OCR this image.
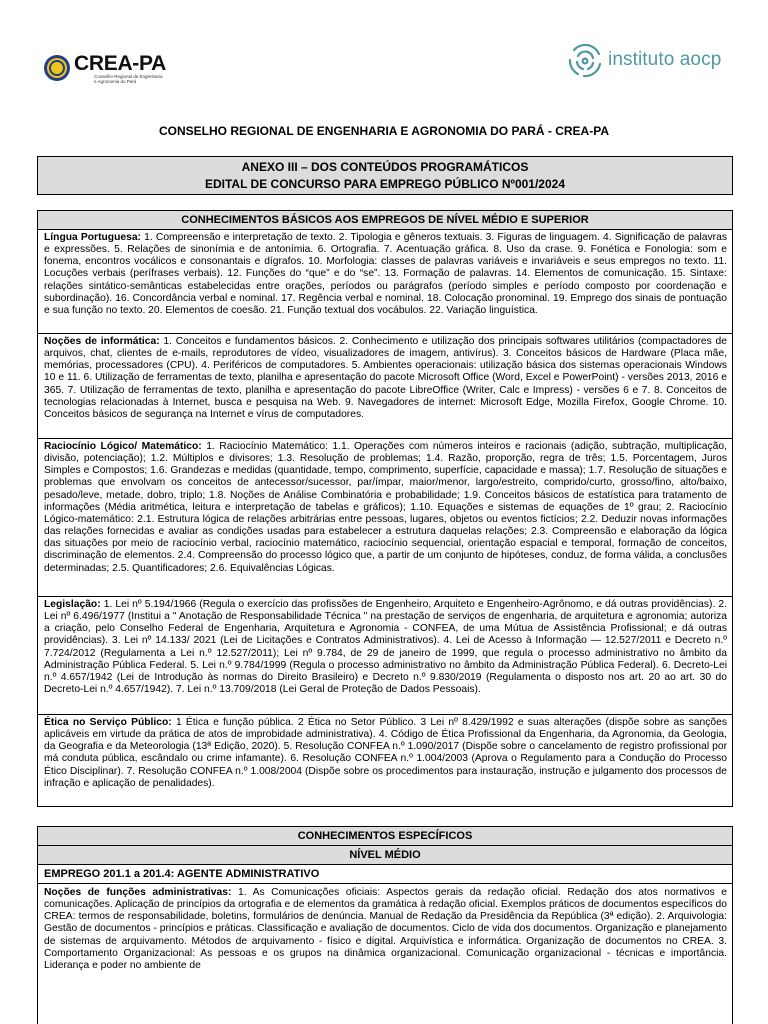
CREA-PA
Conselho Regional de Engenharia e Agronomia do Pará
instituto aocp
CONSELHO REGIONAL DE ENGENHARIA E AGRONOMIA DO PARÁ - CREA-PA
ANEXO III – DOS CONTEÚDOS PROGRAMÁTICOS
EDITAL DE CONCURSO PARA EMPREGO PÚBLICO Nº001/2024
CONHECIMENTOS BÁSICOS AOS EMPREGOS DE NÍVEL MÉDIO E SUPERIOR
Língua Portuguesa: 1. Compreensão e interpretação de texto. 2. Tipologia e gêneros textuais. 3. Figuras de linguagem. 4. Significação de palavras e expressões. 5. Relações de sinonímia e de antonímia. 6. Ortografia. 7. Acentuação gráfica. 8. Uso da crase. 9. Fonética e Fonologia: som e fonema, encontros vocálicos e consonantais e dígrafos. 10. Morfologia: classes de palavras variáveis e invariáveis e seus empregos no texto. 11. Locuções verbais (perífrases verbais). 12. Funções do “que” e do “se”. 13. Formação de palavras. 14. Elementos de comunicação. 15. Sintaxe: relações sintático-semânticas estabelecidas entre orações, períodos ou parágrafos (período simples e período composto por coordenação e subordinação). 16. Concordância verbal e nominal. 17. Regência verbal e nominal. 18. Colocação pronominal. 19. Emprego dos sinais de pontuação e sua função no texto. 20. Elementos de coesão. 21. Função textual dos vocábulos. 22. Variação linguística.
Noções de informática: 1. Conceitos e fundamentos básicos. 2. Conhecimento e utilização dos principais softwares utilitários (compactadores de arquivos, chat, clientes de e-mails, reprodutores de vídeo, visualizadores de imagem, antivírus). 3. Conceitos básicos de Hardware (Placa mãe, memórias, processadores (CPU). 4. Periféricos de computadores. 5. Ambientes operacionais: utilização básica dos sistemas operacionais Windows 10 e 11. 6. Utilização de ferramentas de texto, planilha e apresentação do pacote Microsoft Office (Word, Excel e PowerPoint) - versões 2013, 2016 e 365. 7. Utilização de ferramentas de texto, planilha e apresentação do pacote LibreOffice (Writer, Calc e Impress) - versões 6 e 7. 8. Conceitos de tecnologias relacionadas à Internet, busca e pesquisa na Web. 9. Navegadores de internet: Microsoft Edge, Mozilla Firefox, Google Chrome. 10. Conceitos básicos de segurança na Internet e vírus de computadores.
Raciocínio Lógico/ Matemático: 1. Raciocínio Matemático: 1.1. Operações com números inteiros e racionais (adição, subtração, multiplicação, divisão, potenciação); 1.2. Múltiplos e divisores; 1.3. Resolução de problemas; 1.4. Razão, proporção, regra de três; 1.5. Porcentagem, Juros Simples e Compostos; 1.6. Grandezas e medidas (quantidade, tempo, comprimento, superfície, capacidade e massa); 1.7. Resolução de situações e problemas que envolvam os conceitos de antecessor/sucessor, par/ímpar, maior/menor, largo/estreito, comprido/curto, grosso/fino, alto/baixo, pesado/leve, metade, dobro, triplo; 1.8. Noções de Análise Combinatória e probabilidade; 1.9. Conceitos básicos de estatística para tratamento de informações (Média aritmética, leitura e interpretação de tabelas e gráficos); 1.10. Equações e sistemas de equações de 1º grau; 2. Raciocínio Lógico-matemático: 2.1. Estrutura lógica de relações arbitrárias entre pessoas, lugares, objetos ou eventos fictícios; 2.2. Deduzir novas informações das relações fornecidas e avaliar as condições usadas para estabelecer a estrutura daquelas relações; 2.3. Compreensão e elaboração da lógica das situações por meio de raciocínio verbal, raciocínio matemático, raciocínio sequencial, orientação espacial e temporal, formação de conceitos, discriminação de elementos. 2.4. Compreensão do processo lógico que, a partir de um conjunto de hipóteses, conduz, de forma válida, a conclusões determinadas; 2.5. Quantificadores; 2.6. Equivalências Lógicas.
Legislação: 1. Lei nº 5.194/1966 (Regula o exercício das profissões de Engenheiro, Arquiteto e Engenheiro-Agrônomo, e dá outras providências). 2. Lei nº 6.496/1977 (Institui a " Anotação de Responsabilidade Técnica " na prestação de serviços de engenharia, de arquitetura e agronomia; autoriza a criação, pelo Conselho Federal de Engenharia, Arquitetura e Agronomia - CONFEA, de uma Mútua de Assistência Profissional; e dá outras providências). 3. Lei nº 14.133/ 2021 (Lei de Licitações e Contratos Administrativos). 4. Lei de Acesso à Informação — 12.527/2011 e Decreto n.º 7.724/2012 (Regulamenta a Lei n.º 12.527/2011); Lei nº 9.784, de 29 de janeiro de 1999, que regula o processo administrativo no âmbito da Administração Pública Federal. 5. Lei n.º 9.784/1999 (Regula o processo administrativo no âmbito da Administração Pública Federal). 6. Decreto-Lei n.º 4.657/1942 (Lei de Introdução às normas do Direito Brasileiro) e Decreto n.º 9.830/2019 (Regulamenta o disposto nos art. 20 ao art. 30 do Decreto-Lei n.º 4.657/1942). 7. Lei n.º 13.709/2018 (Lei Geral de Proteção de Dados Pessoais).
Ética no Serviço Público: 1 Ética e função pública. 2 Ética no Setor Público. 3 Lei nº 8.429/1992 e suas alterações (dispõe sobre as sanções aplicáveis em virtude da prática de atos de improbidade administrativa). 4. Código de Ética Profissional da Engenharia, da Agronomia, da Geologia, da Geografia e da Meteorologia (13ª Edição, 2020). 5. Resolução CONFEA n.º 1.090/2017 (Dispõe sobre o cancelamento de registro profissional por má conduta pública, escândalo ou crime infamante). 6. Resolução CONFEA n.º 1.004/2003 (Aprova o Regulamento para a Condução do Processo Ético Disciplinar). 7. Resolução CONFEA n.º 1.008/2004 (Dispõe sobre os procedimentos para instauração, instrução e julgamento dos processos de infração e aplicação de penalidades).
CONHECIMENTOS ESPECÍFICOS
NÍVEL MÉDIO
EMPREGO 201.1 a 201.4: AGENTE ADMINISTRATIVO
Noções de funções administrativas: 1. As Comunicações oficiais: Aspectos gerais da redação oficial. Redação dos atos normativos e comunicações. Aplicação de princípios da ortografia e de elementos da gramática à redação oficial. Exemplos práticos de documentos específicos do CREA: termos de responsabilidade, boletins, formulários de denúncia. Manual de Redação da Presidência da República (3ª edição). 2. Arquivologia: Gestão de documentos - princípios e práticas. Classificação e avaliação de documentos. Ciclo de vida dos documentos. Organização e planejamento de sistemas de arquivamento. Métodos de arquivamento - físico e digital. Arquivística e informática. Organização de documentos no CREA. 3. Comportamento Organizacional: As pessoas e os grupos na dinâmica organizacional. Comunicação organizacional - técnicas e importância. Liderança e poder no ambiente de
